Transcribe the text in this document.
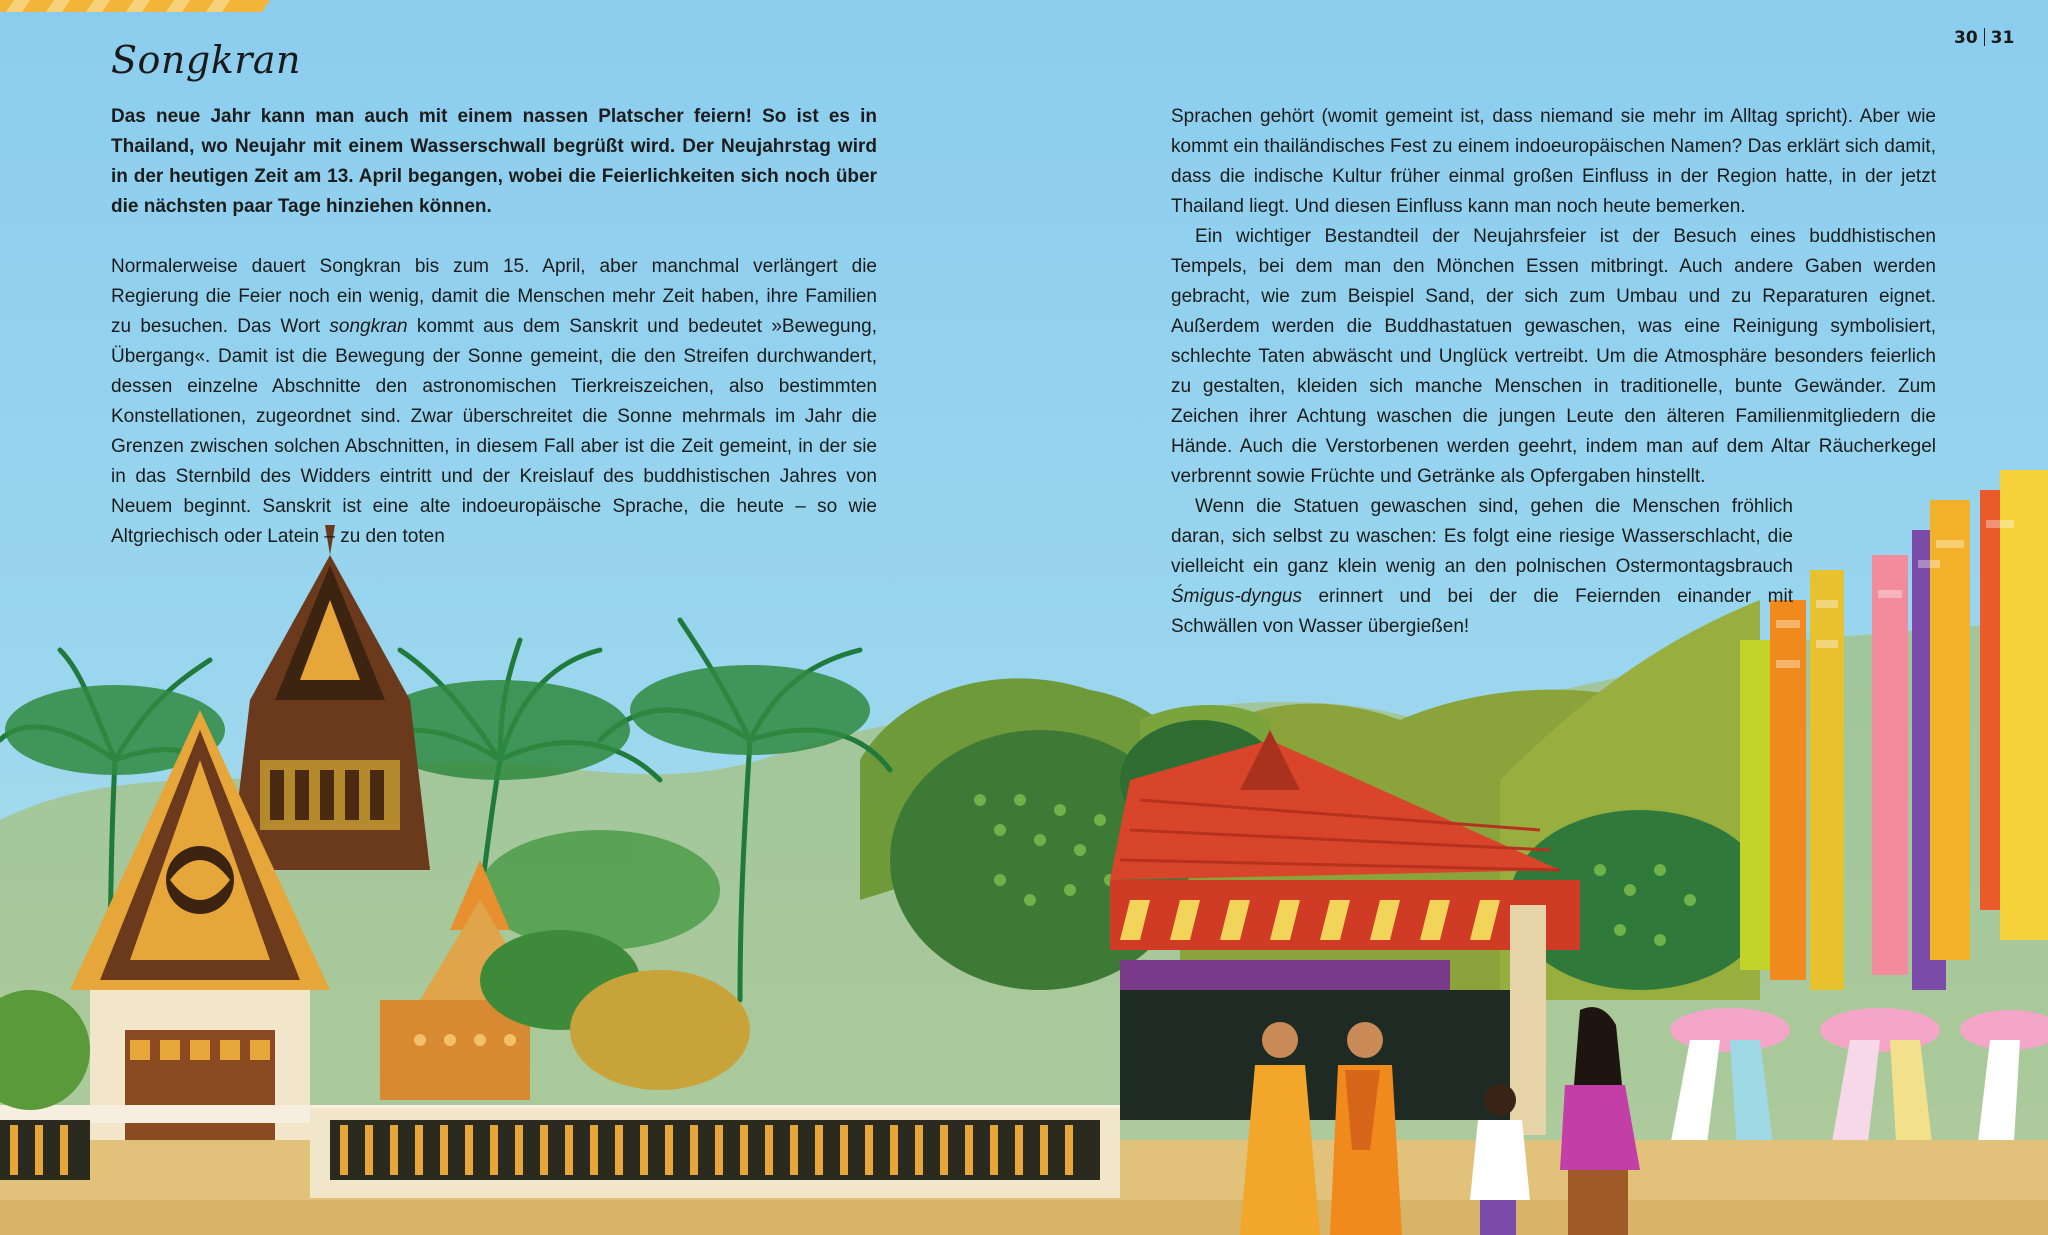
Songkran	30 31

Das neue Jahr kann man auch mit einem nassen Platscher feiern! So ist es in Thailand, wo Neujahr mit einem Wasserschwall begrüßt wird. Der Neujahrstag wird in der heutigen Zeit am 13. April begangen, wobei die Feierlichkeiten sich noch über die nächsten paar Tage hinziehen können.

Normalerweise dauert Songkran bis zum 15. April, aber manchmal verlängert die Regierung die Feier noch ein wenig, damit die Menschen mehr Zeit haben, ihre Familien zu besuchen. Das Wort songkran kommt aus dem Sanskrit und bedeutet »Bewegung, Übergang«. Damit ist die Bewegung der Sonne gemeint, die den Streifen durchwandert, dessen einzelne Abschnitte den astronomischen Tierkreiszeichen, also bestimmten Konstellationen, zugeordnet sind. Zwar überschreitet die Sonne mehrmals im Jahr die Grenzen zwischen solchen Abschnitten, in diesem Fall aber ist die Zeit gemeint, in der sie in das Sternbild des Widders eintritt und der Kreislauf des buddhistischen Jahres von Neuem beginnt. Sanskrit ist eine alte indoeuropäische Sprache, die heute – so wie Altgriechisch oder Latein – zu den toten

Sprachen gehört (womit gemeint ist, dass niemand sie mehr im Alltag spricht). Aber wie kommt ein thailändisches Fest zu einem indoeuropäischen Namen? Das erklärt sich damit, dass die indische Kultur früher einmal großen Einfluss in der Region hatte, in der jetzt Thailand liegt. Und diesen Einfluss kann man noch heute bemerken.

Ein wichtiger Bestandteil der Neujahrsfeier ist der Besuch eines buddhistischen Tempels, bei dem man den Mönchen Essen mitbringt. Auch andere Gaben werden gebracht, wie zum Beispiel Sand, der sich zum Umbau und zu Reparaturen eignet. Außerdem werden die Buddhastatuen gewaschen, was eine Reinigung symbolisiert, schlechte Taten abwäscht und Unglück vertreibt. Um die Atmosphäre besonders feierlich zu gestalten, kleiden sich manche Menschen in traditionelle, bunte Gewänder. Zum Zeichen ihrer Achtung waschen die jungen Leute den älteren Familienmitgliedern die Hände. Auch die Verstorbenen werden geehrt, indem man auf dem Altar Räucherkegel verbrennt sowie Früchte und Getränke als Opfergaben hinstellt.

Wenn die Statuen gewaschen sind, gehen die Menschen fröhlich daran, sich selbst zu waschen: Es folgt eine riesige Wasserschlacht, die vielleicht ein ganz klein wenig an den polnischen Ostermontagsbrauch Śmigus-dyngus erinnert und bei der die Feiernden einander mit Schwällen von Wasser übergießen!
